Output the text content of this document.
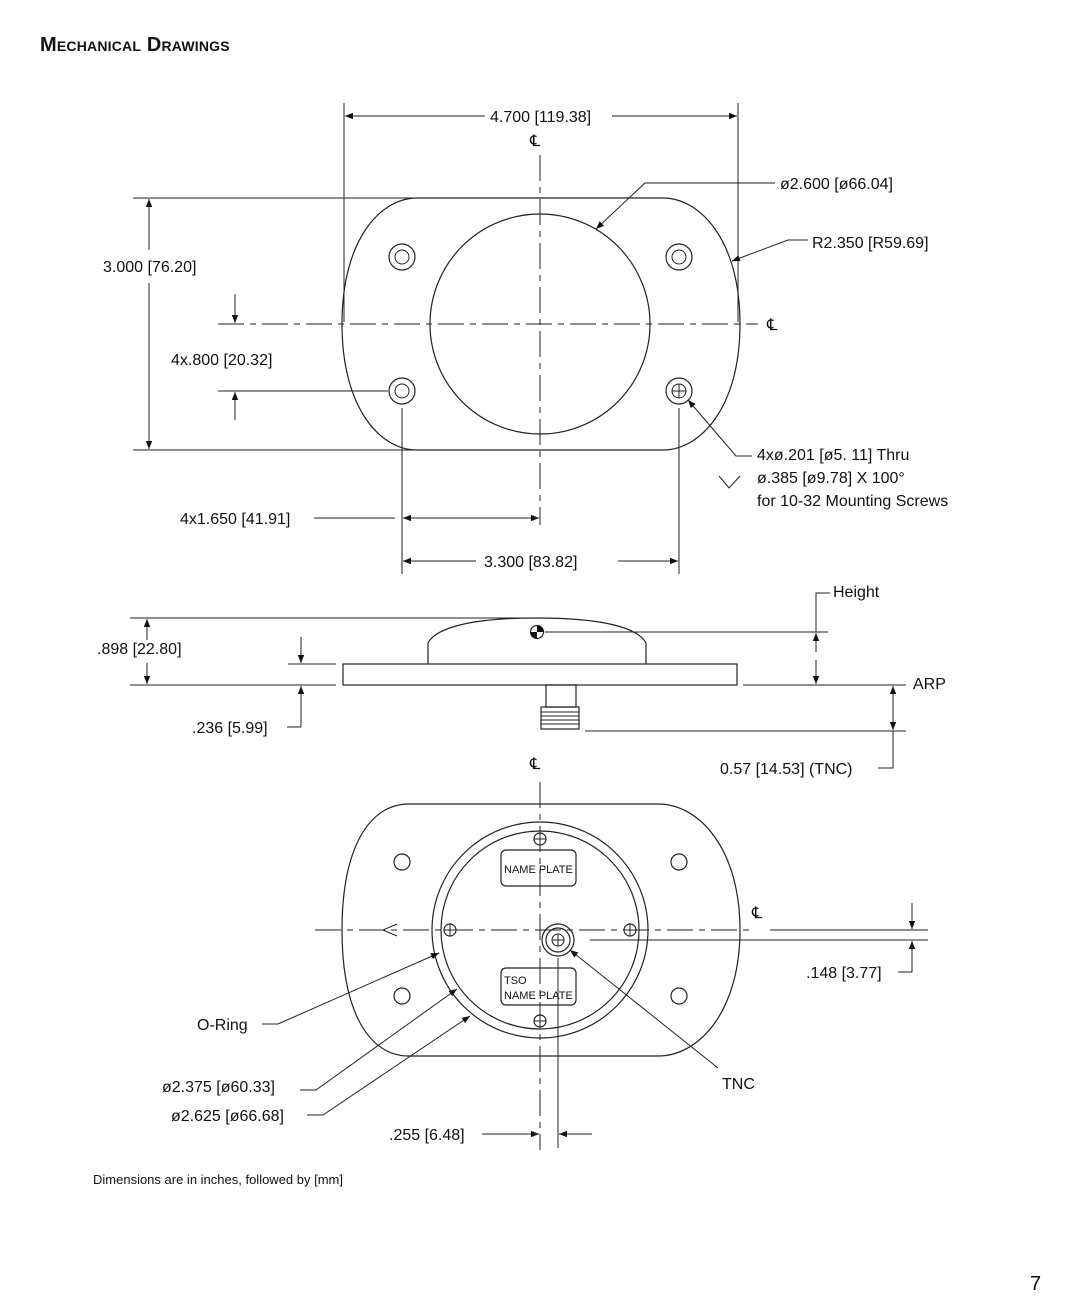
Mechanical Drawings
4.700 [119.38]
℄
ø2.600 [ø66.04]
R2.350 [R59.69]
℄
3.000 [76.20]
4x.800 [20.32]
4x1.650 [41.91]
3.300 [83.82]
4xø.201 [ø5. 11] Thru
ø.385 [ø9.78] X 100°
for 10-32 Mounting Screws
.898 [22.80]
.236 [5.99]
Height
ARP
0.57 [14.53] (TNC)
℄
NAME PLATE
TSO
NAME PLATE
℄
.148 [3.77]
O-Ring
ø2.375 [ø60.33]
ø2.625 [ø66.68]
.255 [6.48]
TNC
Dimensions are in inches, followed by [mm]
7
